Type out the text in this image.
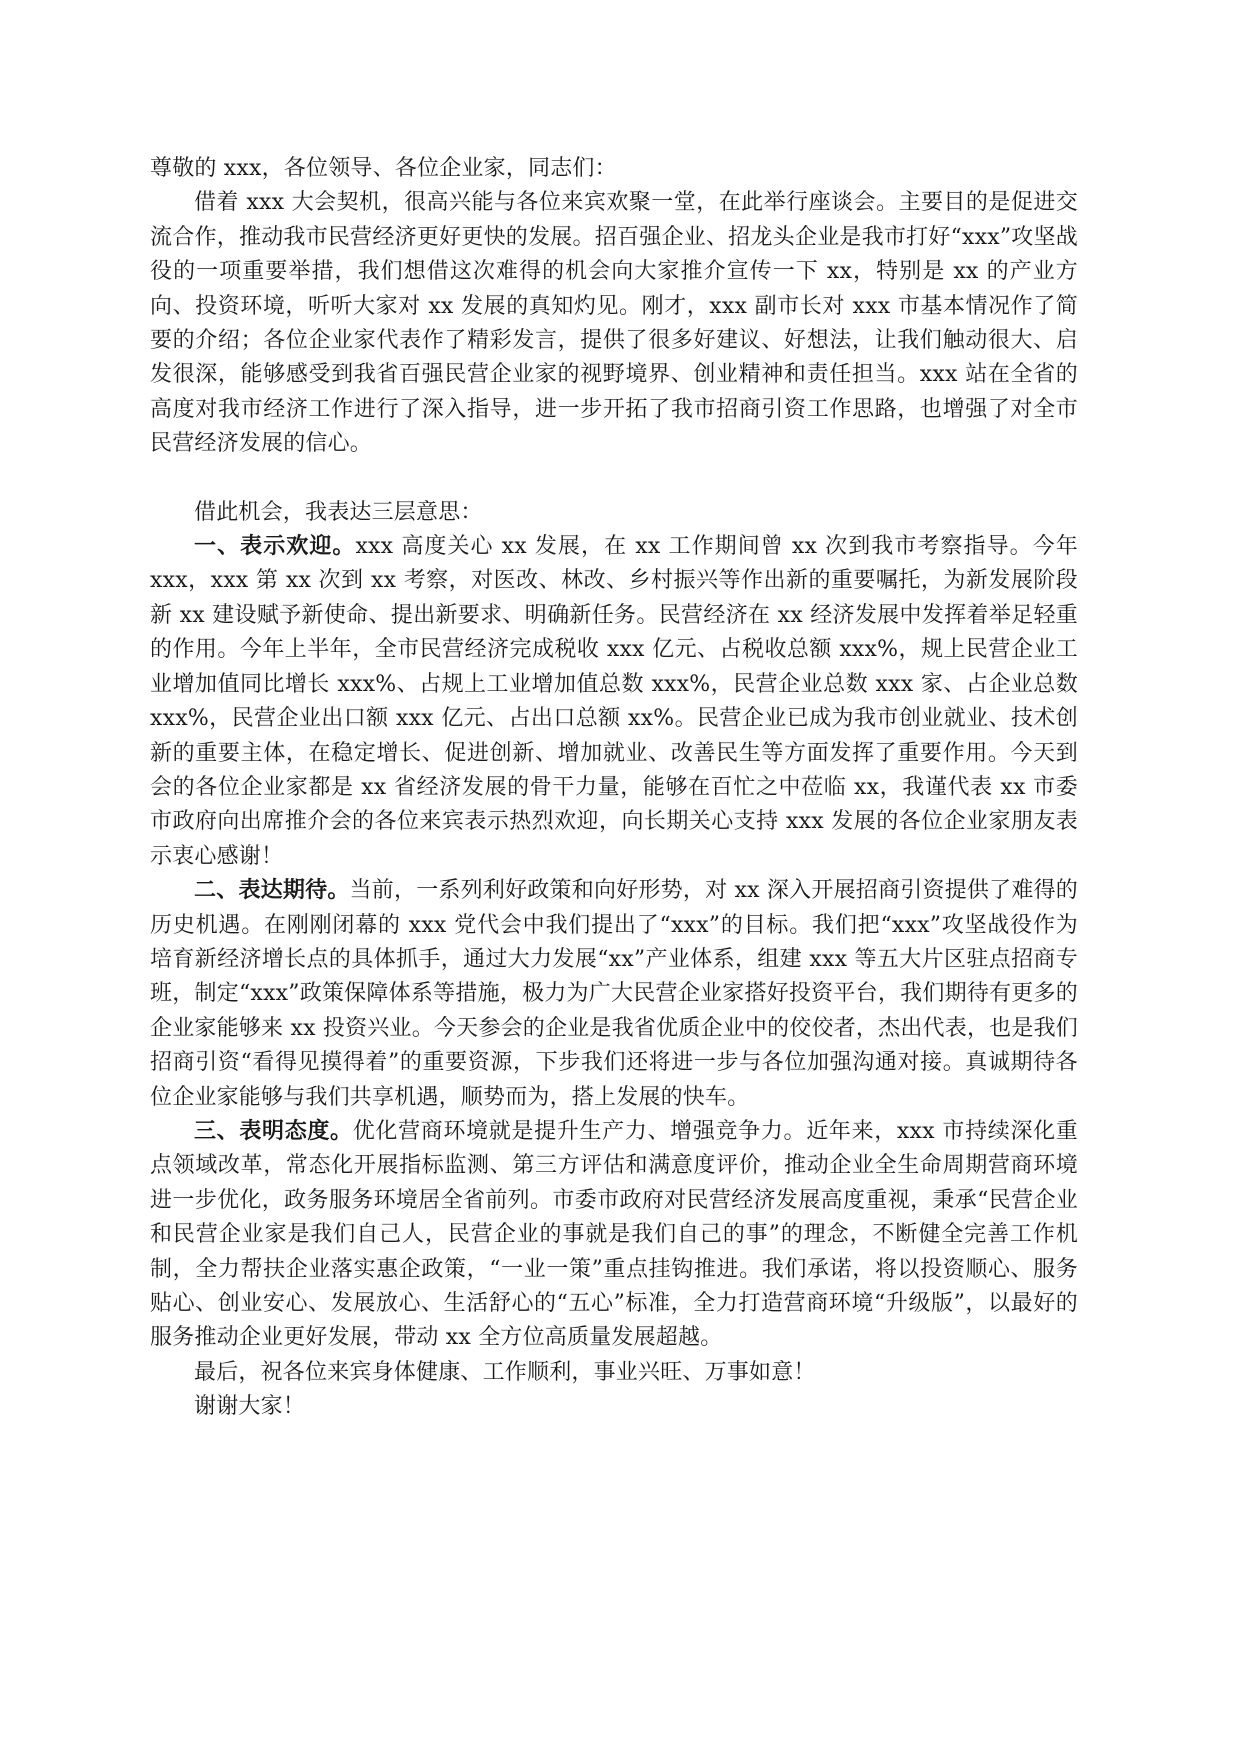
尊敬的 xxx，各位领导、各位企业家，同志们：

借着 xxx 大会契机，很高兴能与各位来宾欢聚一堂，在此举行座谈会。主要目的是促进交流合作，推动我市民营经济更好更快的发展。招百强企业、招龙头企业是我市打好“xxx”攻坚战役的一项重要举措，我们想借这次难得的机会向大家推介宣传一下 xx，特别是 xx 的产业方向、投资环境，听听大家对 xx 发展的真知灼见。刚才，xxx 副市长对 xxx 市基本情况作了简要的介绍；各位企业家代表作了精彩发言，提供了很多好建议、好想法，让我们触动很大、启发很深，能够感受到我省百强民营企业家的视野境界、创业精神和责任担当。xxx 站在全省的高度对我市经济工作进行了深入指导，进一步开拓了我市招商引资工作思路，也增强了对全市民营经济发展的信心。

借此机会，我表达三层意思：

一、表示欢迎。xxx 高度关心 xx 发展，在 xx 工作期间曾 xx 次到我市考察指导。今年 xxx，xxx 第 xx 次到 xx 考察，对医改、林改、乡村振兴等作出新的重要嘱托，为新发展阶段新 xx 建设赋予新使命、提出新要求、明确新任务。民营经济在 xx 经济发展中发挥着举足轻重的作用。今年上半年，全市民营经济完成税收 xxx 亿元、占税收总额 xxx%，规上民营企业工业增加值同比增长 xxx%、占规上工业增加值总数 xxx%，民营企业总数 xxx 家、占企业总数 xxx%，民营企业出口额 xxx 亿元、占出口总额 xx%。民营企业已成为我市创业就业、技术创新的重要主体，在稳定增长、促进创新、增加就业、改善民生等方面发挥了重要作用。今天到会的各位企业家都是 xx 省经济发展的骨干力量，能够在百忙之中莅临 xx，我谨代表 xx 市委市政府向出席推介会的各位来宾表示热烈欢迎，向长期关心支持 xxx 发展的各位企业家朋友表示衷心感谢！

二、表达期待。当前，一系列利好政策和向好形势，对 xx 深入开展招商引资提供了难得的历史机遇。在刚刚闭幕的 xxx 党代会中我们提出了“xxx”的目标。我们把“xxx”攻坚战役作为培育新经济增长点的具体抓手，通过大力发展“xx”产业体系，组建 xxx 等五大片区驻点招商专班，制定“xxx”政策保障体系等措施，极力为广大民营企业家搭好投资平台，我们期待有更多的企业家能够来 xx 投资兴业。今天参会的企业是我省优质企业中的佼佼者，杰出代表，也是我们招商引资“看得见摸得着”的重要资源，下步我们还将进一步与各位加强沟通对接。真诚期待各位企业家能够与我们共享机遇，顺势而为，搭上发展的快车。

三、表明态度。优化营商环境就是提升生产力、增强竞争力。近年来，xxx 市持续深化重点领域改革，常态化开展指标监测、第三方评估和满意度评价，推动企业全生命周期营商环境进一步优化，政务服务环境居全省前列。市委市政府对民营经济发展高度重视，秉承“民营企业和民营企业家是我们自己人，民营企业的事就是我们自己的事”的理念，不断健全完善工作机制，全力帮扶企业落实惠企政策，“一业一策”重点挂钩推进。我们承诺，将以投资顺心、服务贴心、创业安心、发展放心、生活舒心的“五心”标准，全力打造营商环境“升级版”，以最好的服务推动企业更好发展，带动 xx 全方位高质量发展超越。

最后，祝各位来宾身体健康、工作顺利，事业兴旺、万事如意！

谢谢大家！
